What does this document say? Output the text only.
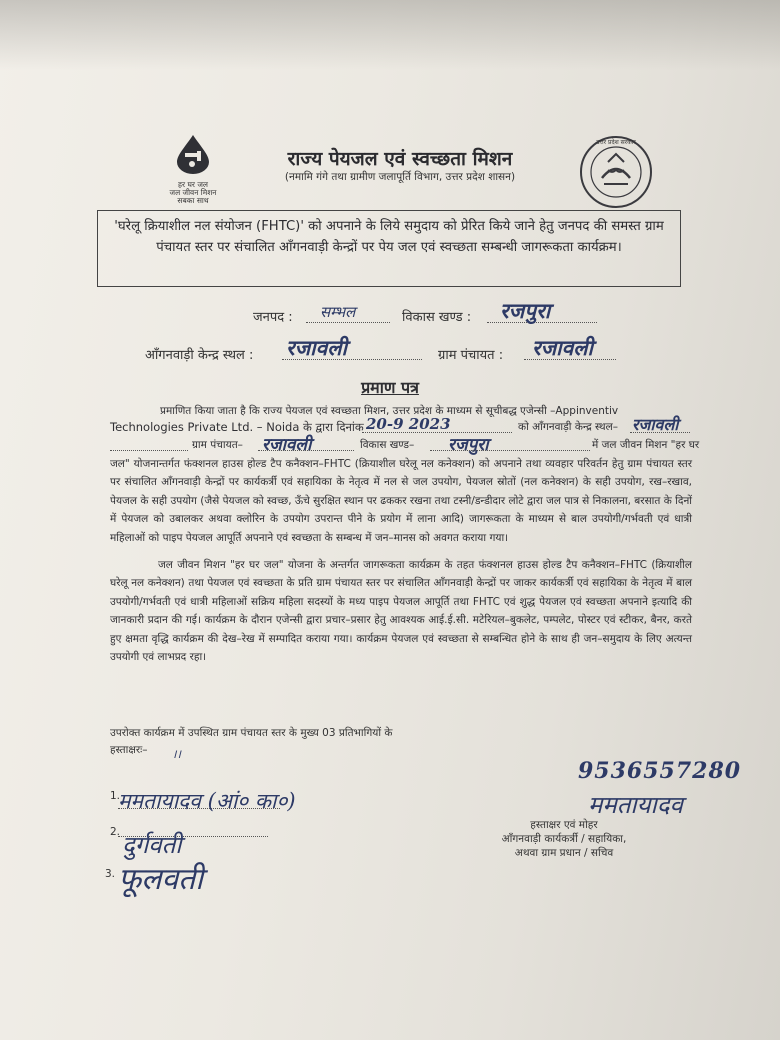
हर घर जल
जल जीवन मिशन
सबका साथ
राज्य पेयजल एवं स्वच्छता मिशन
(नमामि गंगे तथा ग्रामीण जलापूर्ति विभाग, उत्तर प्रदेश शासन)
उत्तर प्रदेश सरकार
'घरेलू क्रियाशील नल संयोजन (FHTC)' को अपनाने के लिये समुदाय को प्रेरित किये जाने हेतु जनपद की समस्त ग्राम पंचायत स्तर पर संचालित आँगनवाड़ी केन्द्रों पर पेय जल एवं स्वच्छता सम्बन्धी जागरूकता कार्यक्रम।
जनपद : सम्भल	विकास खण्ड : रजपुरा
आँगनवाड़ी केन्द्र स्थल : रजावली	ग्राम पंचायत : रजावली
प्रमाण पत्र
प्रमाणित किया जाता है कि राज्य पेयजल एवं स्वच्छता मिशन, उत्तर प्रदेश के माध्यम से सूचीबद्ध एजेन्सी –Appinventiv
Technologies Private Ltd. – Noida के द्वारा दिनांक 20-9 2023	को आँगनवाड़ी केन्द्र स्थल– रजावली
ग्राम पंचायत– रजावली	विकास खण्ड– रजपुरा	में जल जीवन मिशन "हर घर
जल" योजनान्तर्गत फंक्शनल हाउस होल्ड टैप कनैक्शन–FHTC (क्रियाशील घरेलू नल कनेक्शन) को अपनाने तथा व्यवहार परिवर्तन हेतु ग्राम पंचायत स्तर पर संचालित आँगनवाड़ी केन्द्रों पर कार्यकर्त्री एवं सहायिका के नेतृत्व में नल से जल उपयोग, पेयजल स्रोतों (नल कनेक्शन) के सही उपयोग, रख–रखाव, पेयजल के सही उपयोग (जैसे पेयजल को स्वच्छ, ऊँचे सुरक्षित स्थान पर ढककर रखना तथा टस्नी/डन्डीदार लोटे द्वारा जल पात्र से निकालना, बरसात के दिनों में पेयजल को उबालकर अथवा क्लोरिन के उपयोग उपरान्त पीने के प्रयोग में लाना आदि) जागरूकता के माध्यम से बाल उपयोगी/गर्भवती एवं धात्री महिलाओं को पाइप पेयजल आपूर्ति अपनाने एवं स्वच्छता के सम्बन्ध में जन–मानस को अवगत कराया गया।
जल जीवन मिशन "हर घर जल" योजना के अन्तर्गत जागरूकता कार्यक्रम के तहत फंक्शनल हाउस होल्ड टैप कनैक्शन–FHTC (क्रियाशील घरेलू नल कनेक्शन) तथा पेयजल एवं स्वच्छता के प्रति ग्राम पंचायत स्तर पर संचालित आँगनवाड़ी केन्द्रों पर जाकर कार्यकर्त्री एवं सहायिका के नेतृत्व में बाल उपयोगी/गर्भवती एवं धात्री महिलाओं सक्रिय महिला सदस्यों के मध्य पाइप पेयजल आपूर्ति तथा FHTC एवं शुद्ध पेयजल एवं स्वच्छता अपनाने इत्यादि की जानकारी प्रदान की गई। कार्यक्रम के दौरान एजेन्सी द्वारा प्रचार–प्रसार हेतु आवश्यक आई.ई.सी. मटेरियल–बुकलेट, पम्पलेट, पोस्टर एवं स्टीकर, बैनर, करते हुए क्षमता वृद्धि कार्यक्रम की देख–रेख में सम्पादित कराया गया। कार्यक्रम पेयजल एवं स्वच्छता से सम्बन्धित होने के साथ ही जन–समुदाय के लिए अत्यन्त उपयोगी एवं लाभप्रद रहा।
उपरोक्त कार्यक्रम में उपस्थित ग्राम पंचायत स्तर के मुख्य 03 प्रतिभागियों के
हस्ताक्षरः– ।।
1.
ममतायादव (आं० का०)
2. दुर्गवती
3. फूलवती
9536557280
ममतायादव
हस्ताक्षर एवं मोहर
आँगनवाड़ी कार्यकर्त्री / सहायिका,
अथवा ग्राम प्रधान / सचिव
